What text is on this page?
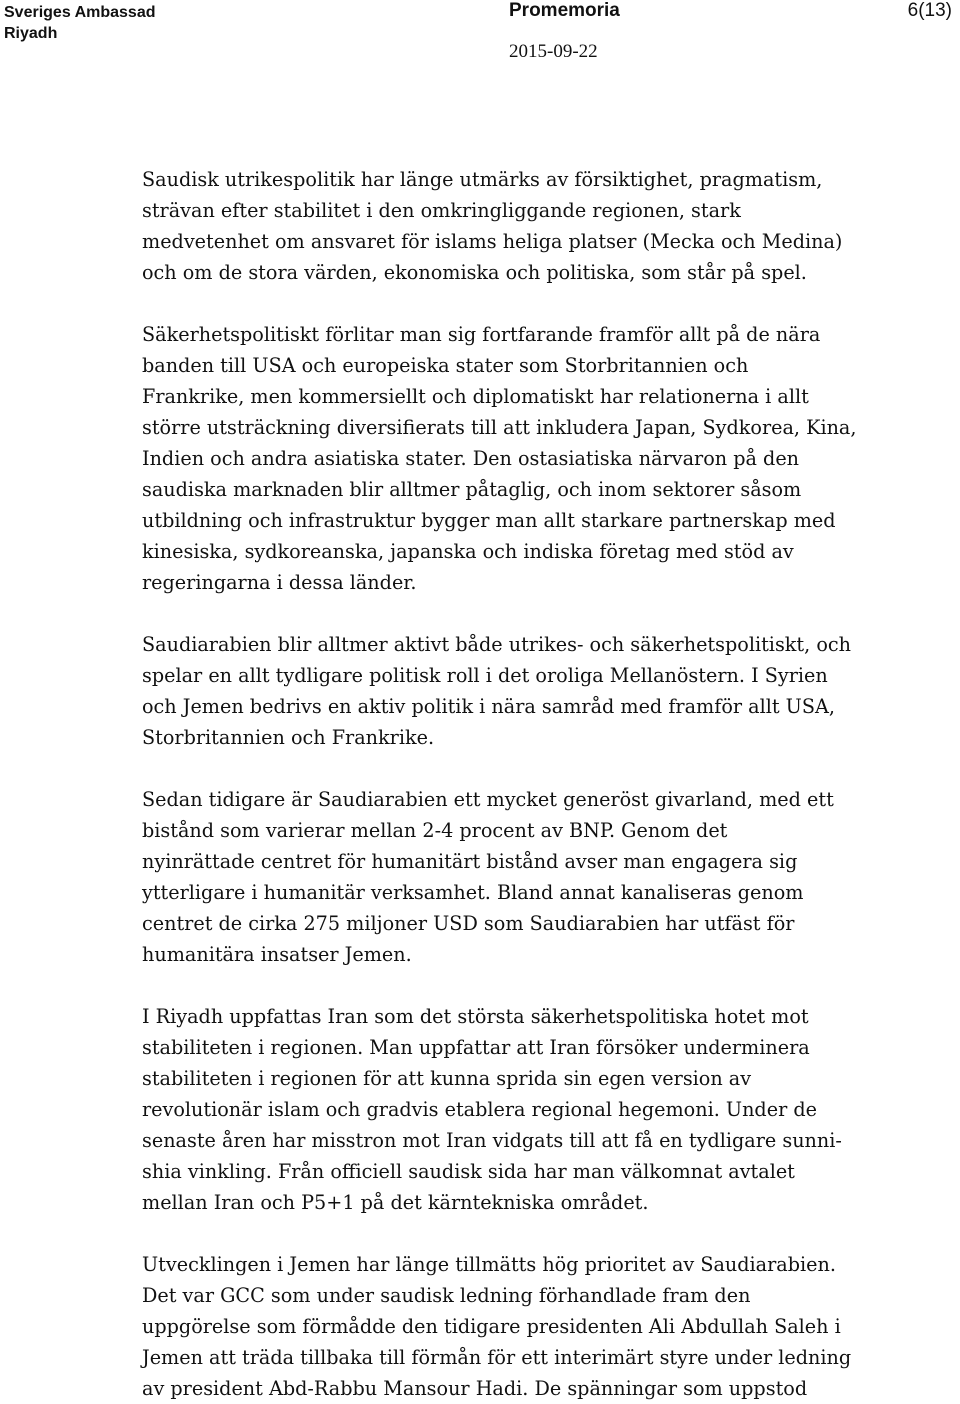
Sveriges Ambassad
Riyadh
Promemoria
2015-09-22
6(13)

Saudisk utrikespolitik har länge utmärks av försiktighet, pragmatism,
strävan efter stabilitet i den omkringliggande regionen, stark
medvetenhet om ansvaret för islams heliga platser (Mecka och Medina)
och om de stora värden, ekonomiska och politiska, som står på spel.

Säkerhetspolitiskt förlitar man sig fortfarande framför allt på de nära
banden till USA och europeiska stater som Storbritannien och
Frankrike, men kommersiellt och diplomatiskt har relationerna i allt
större utsträckning diversifierats till att inkludera Japan, Sydkorea, Kina,
Indien och andra asiatiska stater. Den ostasiatiska närvaron på den
saudiska marknaden blir alltmer påtaglig, och inom sektorer såsom
utbildning och infrastruktur bygger man allt starkare partnerskap med
kinesiska, sydkoreanska, japanska och indiska företag med stöd av
regeringarna i dessa länder.

Saudiarabien blir alltmer aktivt både utrikes- och säkerhetspolitiskt, och
spelar en allt tydligare politisk roll i det oroliga Mellanöstern. I Syrien
och Jemen bedrivs en aktiv politik i nära samråd med framför allt USA,
Storbritannien och Frankrike.

Sedan tidigare är Saudiarabien ett mycket generöst givarland, med ett
bistånd som varierar mellan 2-4 procent av BNP. Genom det
nyinrättade centret för humanitärt bistånd avser man engagera sig
ytterligare i humanitär verksamhet. Bland annat kanaliseras genom
centret de cirka 275 miljoner USD som Saudiarabien har utfäst för
humanitära insatser Jemen.

I Riyadh uppfattas Iran som det största säkerhetspolitiska hotet mot
stabiliteten i regionen. Man uppfattar att Iran försöker underminera
stabiliteten i regionen för att kunna sprida sin egen version av
revolutionär islam och gradvis etablera regional hegemoni. Under de
senaste åren har misstron mot Iran vidgats till att få en tydligare sunni-
shia vinkling. Från officiell saudisk sida har man välkomnat avtalet
mellan Iran och P5+1 på det kärntekniska området.

Utvecklingen i Jemen har länge tillmätts hög prioritet av Saudiarabien.
Det var GCC som under saudisk ledning förhandlade fram den
uppgörelse som förmådde den tidigare presidenten Ali Abdullah Saleh i
Jemen att träda tillbaka till förmån för ett interimärt styre under ledning
av president Abd-Rabbu Mansour Hadi. De spänningar som uppstod
